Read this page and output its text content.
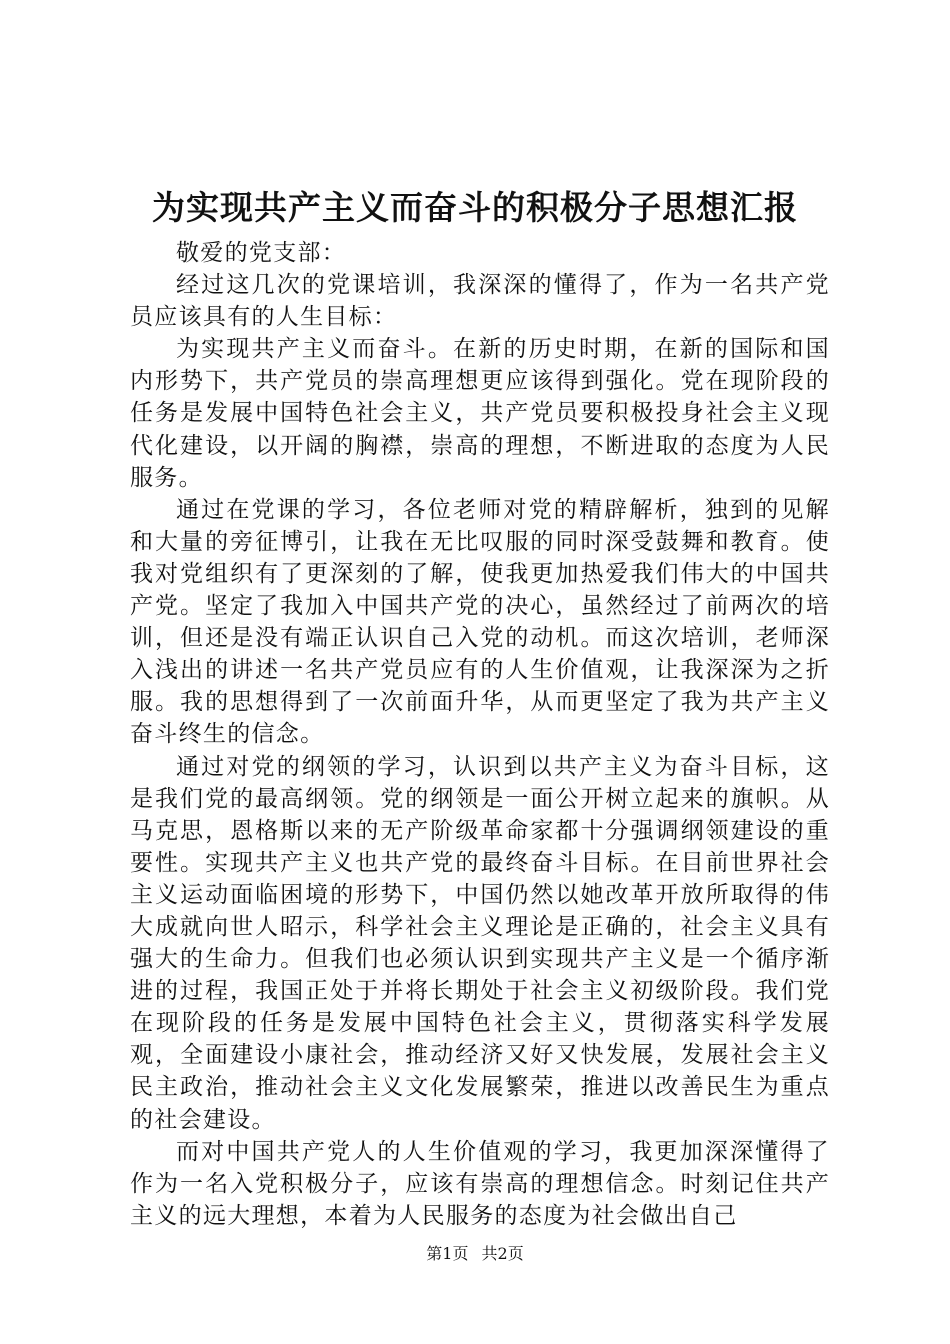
为实现共产主义而奋斗的积极分子思想汇报

敬爱的党支部：

经过这几次的党课培训，我深深的懂得了，作为一名共产党员应该具有的人生目标：

为实现共产主义而奋斗。在新的历史时期，在新的国际和国内形势下，共产党员的崇高理想更应该得到强化。党在现阶段的任务是发展中国特色社会主义，共产党员要积极投身社会主义现代化建设，以开阔的胸襟，崇高的理想，不断进取的态度为人民服务。

通过在党课的学习，各位老师对党的精辟解析，独到的见解和大量的旁征博引，让我在无比叹服的同时深受鼓舞和教育。使我对党组织有了更深刻的了解，使我更加热爱我们伟大的中国共产党。坚定了我加入中国共产党的决心，虽然经过了前两次的培训，但还是没有端正认识自己入党的动机。而这次培训，老师深入浅出的讲述一名共产党员应有的人生价值观，让我深深为之折服。我的思想得到了一次前面升华，从而更坚定了我为共产主义奋斗终生的信念。

通过对党的纲领的学习，认识到以共产主义为奋斗目标，这是我们党的最高纲领。党的纲领是一面公开树立起来的旗帜。从马克思，恩格斯以来的无产阶级革命家都十分强调纲领建设的重要性。实现共产主义也共产党的最终奋斗目标。在目前世界社会主义运动面临困境的形势下，中国仍然以她改革开放所取得的伟大成就向世人昭示，科学社会主义理论是正确的，社会主义具有强大的生命力。但我们也必须认识到实现共产主义是一个循序渐进的过程，我国正处于并将长期处于社会主义初级阶段。我们党在现阶段的任务是发展中国特色社会主义，贯彻落实科学发展观，全面建设小康社会，推动经济又好又快发展，发展社会主义民主政治，推动社会主义文化发展繁荣，推进以改善民生为重点的社会建设。

而对中国共产党人的人生价值观的学习，我更加深深懂得了作为一名入党积极分子，应该有崇高的理想信念。时刻记住共产主义的远大理想，本着为人民服务的态度为社会做出自己

第1页 共2页
